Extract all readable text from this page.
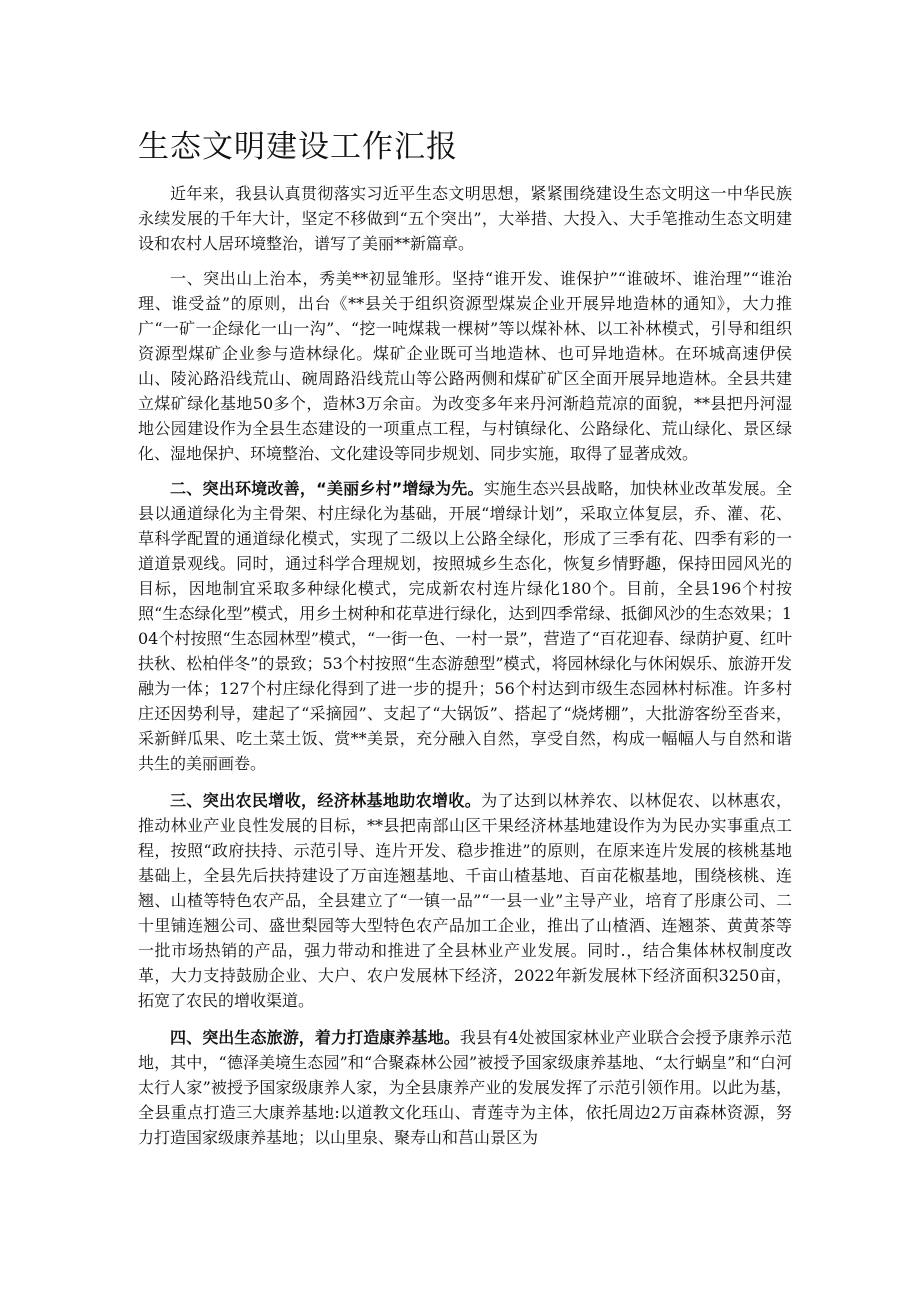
生态文明建设工作汇报

近年来，我县认真贯彻落实习近平生态文明思想，紧紧围绕建设生态文明这一中华民族永续发展的千年大计，坚定不移做到“五个突出”，大举措、大投入、大手笔推动生态文明建设和农村人居环境整治，谱写了美丽**新篇章。

一、突出山上治本，秀美**初显雏形。坚持“谁开发、谁保护”“谁破坏、谁治理”“谁治理、谁受益”的原则，出台《**县关于组织资源型煤炭企业开展异地造林的通知》，大力推广“一矿一企绿化一山一沟”、“挖一吨煤栽一棵树”等以煤补林、以工补林模式，引导和组织资源型煤矿企业参与造林绿化。煤矿企业既可当地造林、也可异地造林。在环城高速伊侯山、陵沁路沿线荒山、碗周路沿线荒山等公路两侧和煤矿矿区全面开展异地造林。全县共建立煤矿绿化基地50多个，造林3万余亩。为改变多年来丹河渐趋荒凉的面貌，**县把丹河湿地公园建设作为全县生态建设的一项重点工程，与村镇绿化、公路绿化、荒山绿化、景区绿化、湿地保护、环境整治、文化建设等同步规划、同步实施，取得了显著成效。

二、突出环境改善，“美丽乡村”增绿为先。实施生态兴县战略，加快林业改革发展。全县以通道绿化为主骨架、村庄绿化为基础，开展“增绿计划”，采取立体复层，乔、灌、花、草科学配置的通道绿化模式，实现了二级以上公路全绿化，形成了三季有花、四季有彩的一道道景观线。同时，通过科学合理规划，按照城乡生态化，恢复乡情野趣，保持田园风光的目标，因地制宜采取多种绿化模式，完成新农村连片绿化180个。目前，全县196个村按照“生态绿化型”模式，用乡土树种和花草进行绿化，达到四季常绿、抵御风沙的生态效果；104个村按照“生态园林型”模式，“一街一色、一村一景”，营造了“百花迎春、绿荫护夏、红叶扶秋、松柏伴冬”的景致；53个村按照“生态游憩型”模式，将园林绿化与休闲娱乐、旅游开发融为一体；127个村庄绿化得到了进一步的提升；56个村达到市级生态园林村标准。许多村庄还因势利导，建起了“采摘园”、支起了“大锅饭”、搭起了“烧烤棚”，大批游客纷至沓来，采新鲜瓜果、吃土菜土饭、赏**美景，充分融入自然，享受自然，构成一幅幅人与自然和谐共生的美丽画卷。

三、突出农民增收，经济林基地助农增收。为了达到以林养农、以林促农、以林惠农，推动林业产业良性发展的目标，**县把南部山区干果经济林基地建设作为为民办实事重点工程，按照“政府扶持、示范引导、连片开发、稳步推进”的原则，在原来连片发展的核桃基地基础上，全县先后扶持建设了万亩连翘基地、千亩山楂基地、百亩花椒基地，围绕核桃、连翘、山楂等特色农产品，全县建立了“一镇一品”“一县一业”主导产业，培育了彤康公司、二十里铺连翘公司、盛世梨园等大型特色农产品加工企业，推出了山楂酒、连翘茶、黄黄茶等一批市场热销的产品，强力带动和推进了全县林业产业发展。同时.，结合集体林权制度改革，大力支持鼓励企业、大户、农户发展林下经济，2022年新发展林下经济面积3250亩，拓宽了农民的增收渠道。

四、突出生态旅游，着力打造康养基地。我县有4处被国家林业产业联合会授予康养示范地，其中，“德泽美境生态园”和“合聚森林公园”被授予国家级康养基地、“太行蜗皇”和“白河太行人家”被授予国家级康养人家，为全县康养产业的发展发挥了示范引领作用。以此为基，全县重点打造三大康养基地:以道教文化珏山、青莲寺为主体，依托周边2万亩森林资源，努力打造国家级康养基地；以山里泉、聚寿山和莒山景区为
